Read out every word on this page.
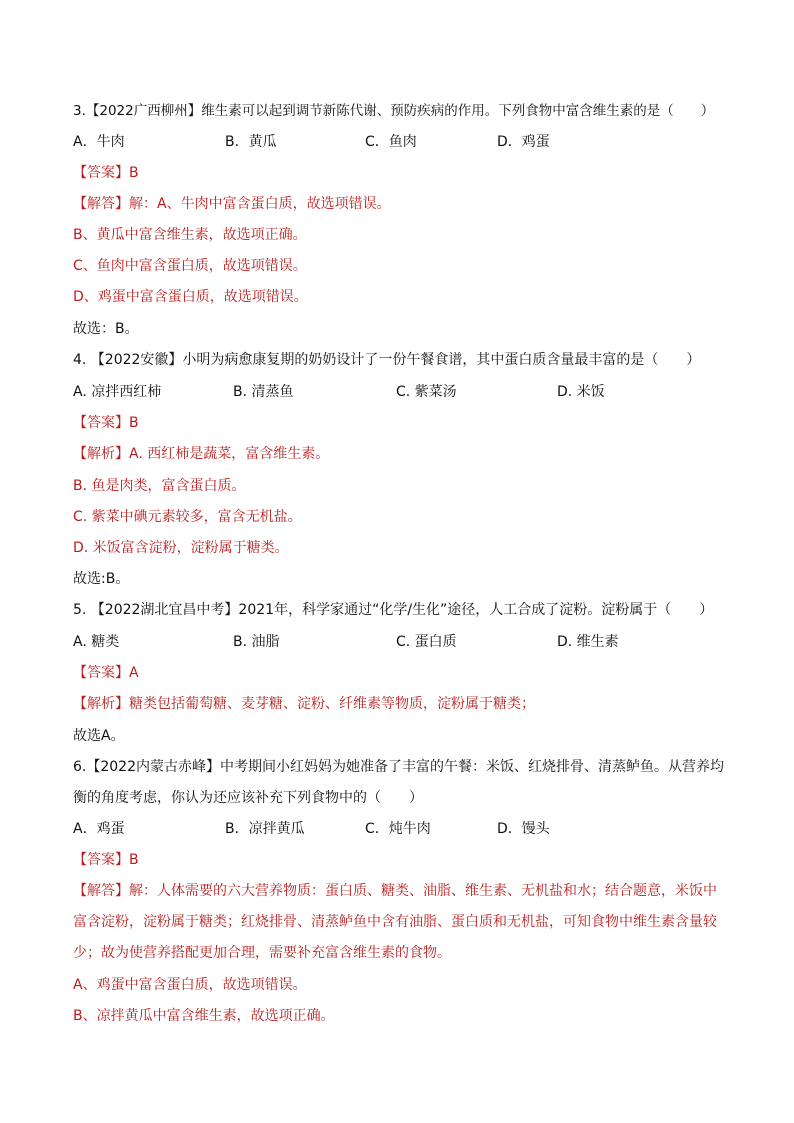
3.【2022广西柳州】维生素可以起到调节新陈代谢、预防疾病的作用。下列食物中富含维生素的是（　　）
A．牛肉	B．黄瓜	C．鱼肉	D．鸡蛋
【答案】B
【解答】解：A、牛肉中富含蛋白质，故选项错误。
B、黄瓜中富含维生素，故选项正确。
C、鱼肉中富含蛋白质，故选项错误。
D、鸡蛋中富含蛋白质，故选项错误。
故选：B。
4. 【2022安徽】小明为病愈康复期的奶奶设计了一份午餐食谱，其中蛋白质含量最丰富的是（　　）
A. 凉拌西红柿	B. 清蒸鱼	C. 紫菜汤	D. 米饭
【答案】B
【解析】A. 西红柿是蔬菜，富含维生素。
B. 鱼是肉类，富含蛋白质。
C. 紫菜中碘元素较多，富含无机盐。
D. 米饭富含淀粉，淀粉属于糖类。
故选:B。
5. 【2022湖北宜昌中考】2021年，科学家通过“化学/生化”途径，人工合成了淀粉。淀粉属于（　　）
A. 糖类	B. 油脂	C. 蛋白质	D. 维生素
【答案】A
【解析】糖类包括葡萄糖、麦芽糖、淀粉、纤维素等物质，淀粉属于糖类；
故选A。
6.【2022内蒙古赤峰】中考期间小红妈妈为她准备了丰富的午餐：米饭、红烧排骨、清蒸鲈鱼。从营养均
衡的角度考虑，你认为还应该补充下列食物中的（　　）
A．鸡蛋	B．凉拌黄瓜	C．炖牛肉	D．馒头
【答案】B
【解答】解：人体需要的六大营养物质：蛋白质、糖类、油脂、维生素、无机盐和水；结合题意，米饭中
富含淀粉，淀粉属于糖类；红烧排骨、清蒸鲈鱼中含有油脂、蛋白质和无机盐，可知食物中维生素含量较
少；故为使营养搭配更加合理，需要补充富含维生素的食物。
A、鸡蛋中富含蛋白质，故选项错误。
B、凉拌黄瓜中富含维生素，故选项正确。
